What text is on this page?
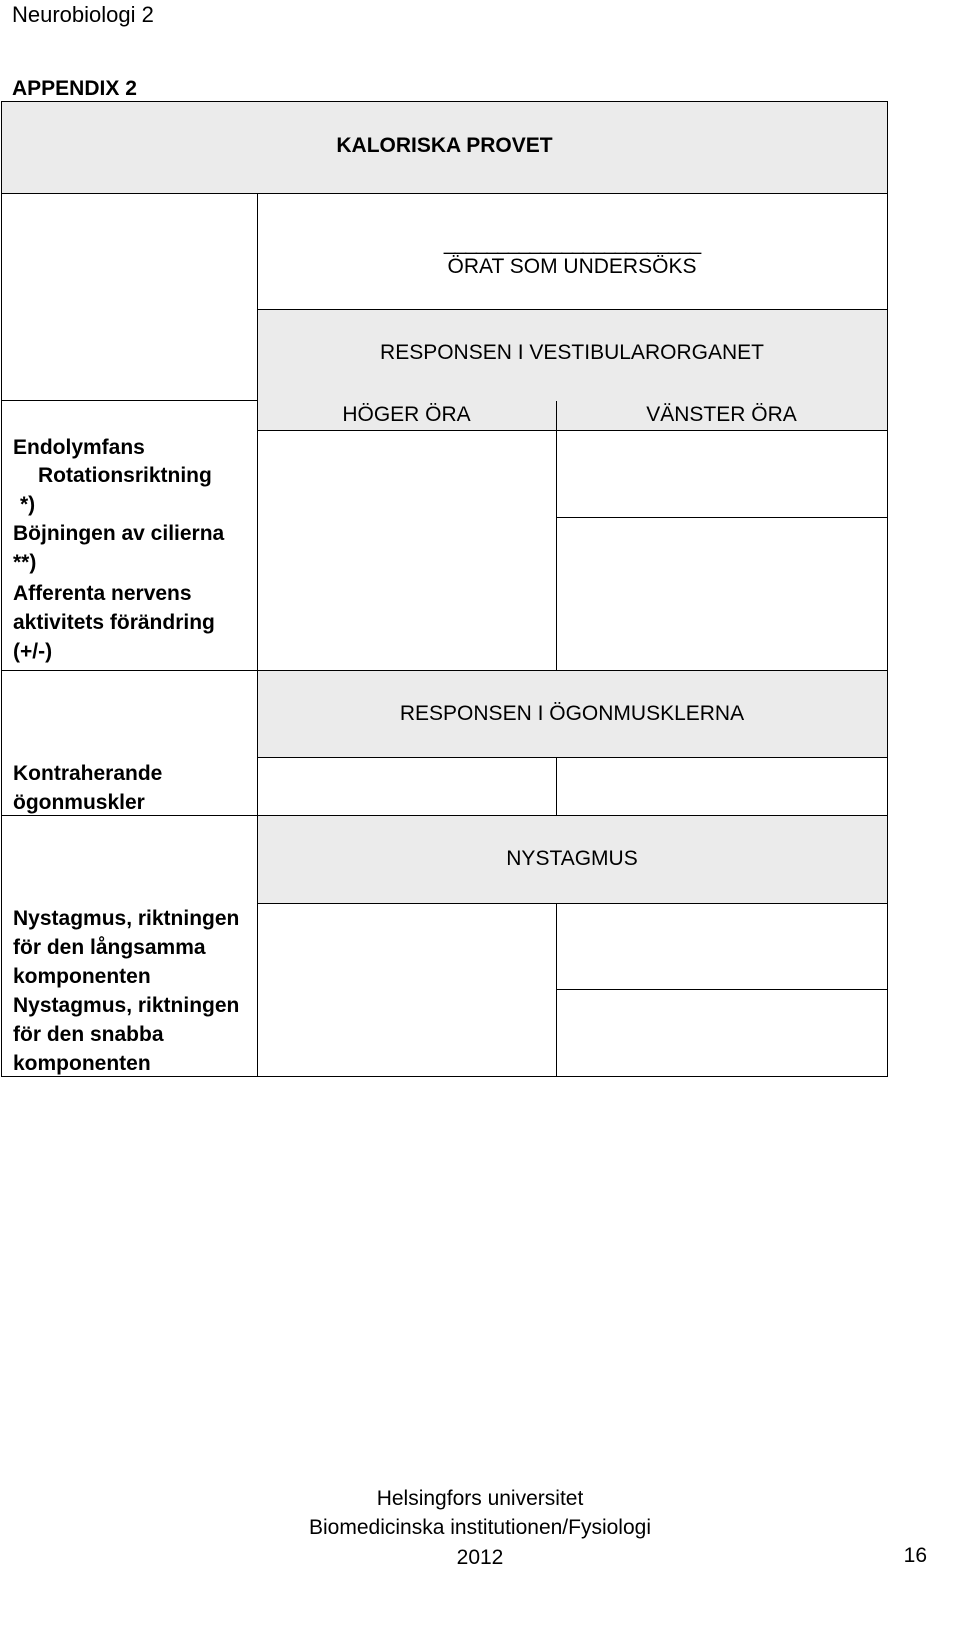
Neurobiologi 2
APPENDIX 2
KALORISKA PROVET
________________________
ÖRAT SOM UNDERSÖKS
RESPONSEN I VESTIBULARORGANET
HÖGER ÖRA	VÄNSTER ÖRA
Endolymfans
Rotationsriktning
*)
Böjningen av cilierna
**)
Afferenta nervens
aktivitets förändring
(+/-)
RESPONSEN I ÖGONMUSKLERNA
Kontraherande
ögonmuskler
NYSTAGMUS
Nystagmus, riktningen
för den långsamma
komponenten
Nystagmus, riktningen
för den snabba
komponenten
Helsingfors universitet
Biomedicinska institutionen/Fysiologi
2012	16
